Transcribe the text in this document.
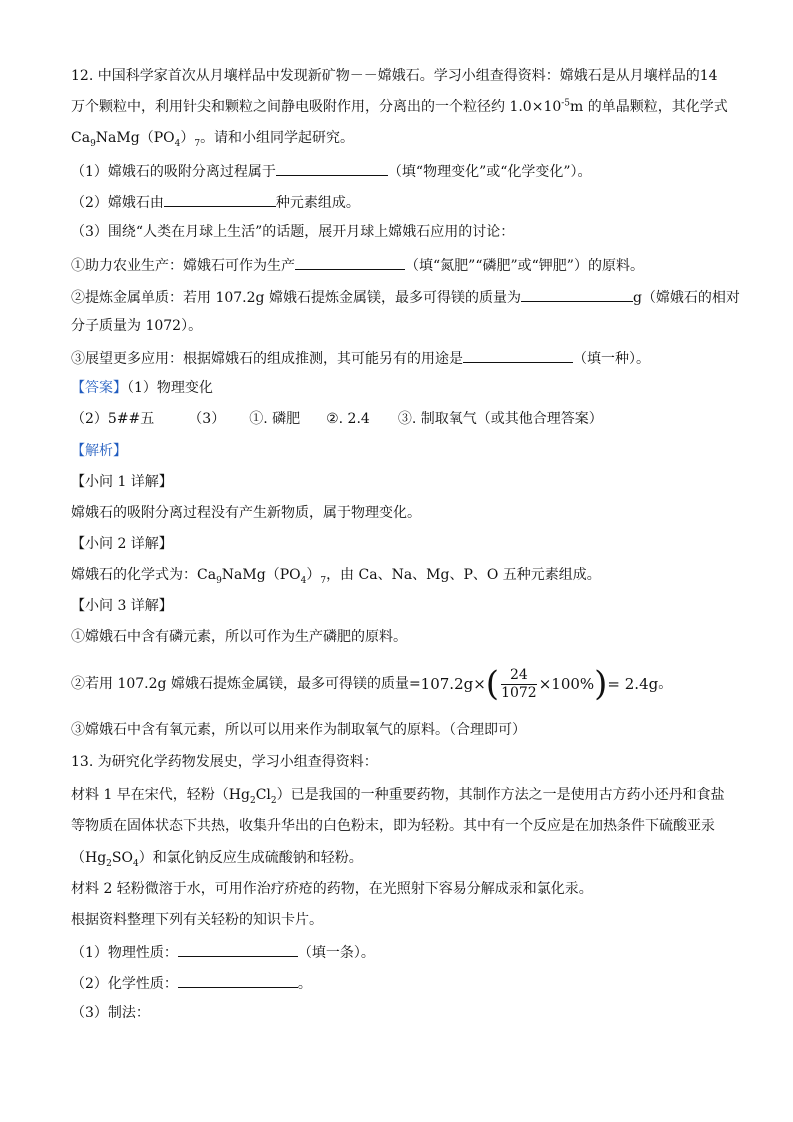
12. 中国科学家首次从月壤样品中发现新矿物－－嫦娥石。学习小组查得资料：嫦娥石是从月壤样品的14
万个颗粒中，利用针尖和颗粒之间静电吸附作用，分离出的一个粒径约 $1.0\times 10^{-5}m$ 的单晶颗粒，其化学式
$Ca_9NaMg(PO_4)_7$。请和小组同学起研究。
（1）嫦娥石的吸附分离过程属于	（填“物理变化”或“化学变化”）。
（2）嫦娥石由	种元素组成。
（3）围绕“人类在月球上生活”的话题，展开月球上嫦娥石应用的讨论：
①助力农业生产：嫦娥石可作为生产	（填“氮肥”“磷肥”或“钾肥”）的原料。
②提炼金属单质：若用 107.2g 嫦娥石提炼金属镁，最多可得镁的质量为	g（嫦娥石的相对
分子质量为 1072）。
③展望更多应用：根据嫦娥石的组成推测，其可能另有的用途是	（填一种）。
【答案】（1）物理变化
（2）5##五 （3） ①. 磷肥 ②. 2.4 ③. 制取氧气（或其他合理答案）
【解析】
【小问 1 详解】
嫦娥石的吸附分离过程没有产生新物质，属于物理变化。
【小问 2 详解】
嫦娥石的化学式为：$Ca_9NaMg(PO_4)_7$，由 Ca、Na、Mg、P、O 五种元素组成。
【小问 3 详解】
①嫦娥石中含有磷元素，所以可作为生产磷肥的原料。
②若用 107.2g 嫦娥石提炼金属镁，最多可得镁的质量$=107.2g\times( \frac{24}{1072} \times 100\%)= 2.4g$。
③嫦娥石中含有氧元素，所以可以用来作为制取氧气的原料。（合理即可）
13. 为研究化学药物发展史，学习小组查得资料：
材料 1 早在宋代，轻粉$(Hg_2Cl_2)$已是我国的一种重要药物，其制作方法之一是使用古方药小还丹和食盐
等物质在固体状态下共热，收集升华出的白色粉末，即为轻粉。其中有一个反应是在加热条件下硫酸亚汞
$(Hg_2SO_4)$和氯化钠反应生成硫酸钠和轻粉。
材料 2 轻粉微溶于水，可用作治疗疥疮的药物，在光照射下容易分解成汞和氯化汞。
根据资料整理下列有关轻粉的知识卡片。
（1）物理性质：	（填一条）。
（2）化学性质：	。
（3）制法：
